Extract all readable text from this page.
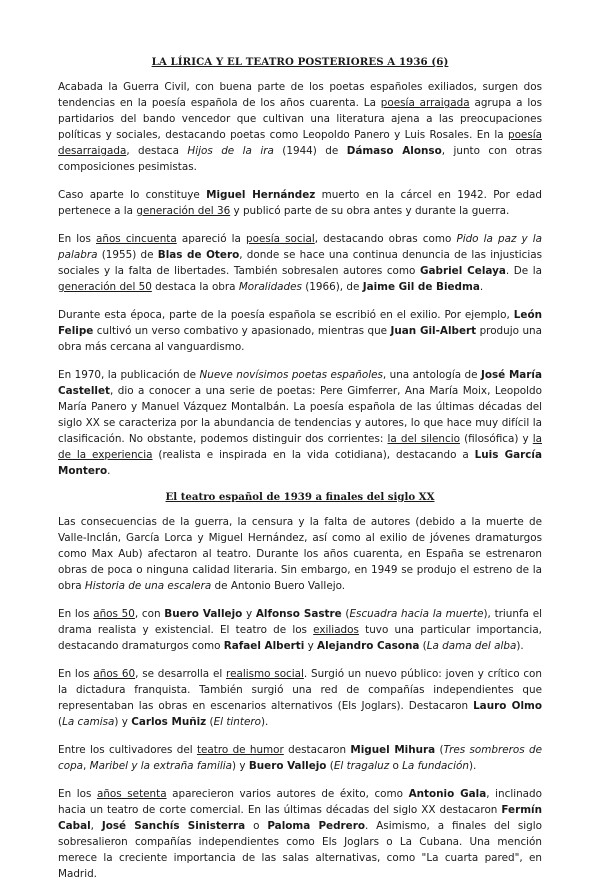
LA LÍRICA Y EL TEATRO POSTERIORES A 1936 (6)

Acabada la Guerra Civil, con buena parte de los poetas españoles exiliados, surgen dos tendencias en la poesía española de los años cuarenta. La poesía arraigada agrupa a los partidarios del bando vencedor que cultivan una literatura ajena a las preocupaciones políticas y sociales, destacando poetas como Leopoldo Panero y Luis Rosales. En la poesía desarraigada, destaca Hijos de la ira (1944) de Dámaso Alonso, junto con otras composiciones pesimistas.

Caso aparte lo constituye Miguel Hernández muerto en la cárcel en 1942. Por edad pertenece a la generación del 36 y publicó parte de su obra antes y durante la guerra.

En los años cincuenta apareció la poesía social, destacando obras como Pido la paz y la palabra (1955) de Blas de Otero, donde se hace una continua denuncia de las injusticias sociales y la falta de libertades. También sobresalen autores como Gabriel Celaya. De la generación del 50 destaca la obra Moralidades (1966), de Jaime Gil de Biedma.

Durante esta época, parte de la poesía española se escribió en el exilio. Por ejemplo, León Felipe cultivó un verso combativo y apasionado, mientras que Juan Gil-Albert produjo una obra más cercana al vanguardismo.

En 1970, la publicación de Nueve novísimos poetas españoles, una antología de José María Castellet, dio a conocer a una serie de poetas: Pere Gimferrer, Ana María Moix, Leopoldo María Panero y Manuel Vázquez Montalbán. La poesía española de las últimas décadas del siglo XX se caracteriza por la abundancia de tendencias y autores, lo que hace muy difícil la clasificación. No obstante, podemos distinguir dos corrientes: la del silencio (filosófica) y la de la experiencia (realista e inspirada en la vida cotidiana), destacando a Luis García Montero.

El teatro español de 1939 a finales del siglo XX

Las consecuencias de la guerra, la censura y la falta de autores (debido a la muerte de Valle-Inclán, García Lorca y Miguel Hernández, así como al exilio de jóvenes dramaturgos como Max Aub) afectaron al teatro. Durante los años cuarenta, en España se estrenaron obras de poca o ninguna calidad literaria. Sin embargo, en 1949 se produjo el estreno de la obra Historia de una escalera de Antonio Buero Vallejo.

En los años 50, con Buero Vallejo y Alfonso Sastre (Escuadra hacia la muerte), triunfa el drama realista y existencial. El teatro de los exiliados tuvo una particular importancia, destacando dramaturgos como Rafael Alberti y Alejandro Casona (La dama del alba).

En los años 60, se desarrolla el realismo social. Surgió un nuevo público: joven y crítico con la dictadura franquista. También surgió una red de compañías independientes que representaban las obras en escenarios alternativos (Els Joglars). Destacaron Lauro Olmo (La camisa) y Carlos Muñiz (El tintero).

Entre los cultivadores del teatro de humor destacaron Miguel Mihura (Tres sombreros de copa, Maribel y la extraña familia) y Buero Vallejo (El tragaluz o La fundación).

En los años setenta aparecieron varios autores de éxito, como Antonio Gala, inclinado hacia un teatro de corte comercial. En las últimas décadas del siglo XX destacaron Fermín Cabal, José Sanchís Sinisterra o Paloma Pedrero. Asimismo, a finales del siglo sobresalieron compañías independientes como Els Joglars o La Cubana. Una mención merece la creciente importancia de las salas alternativas, como "La cuarta pared", en Madrid.
